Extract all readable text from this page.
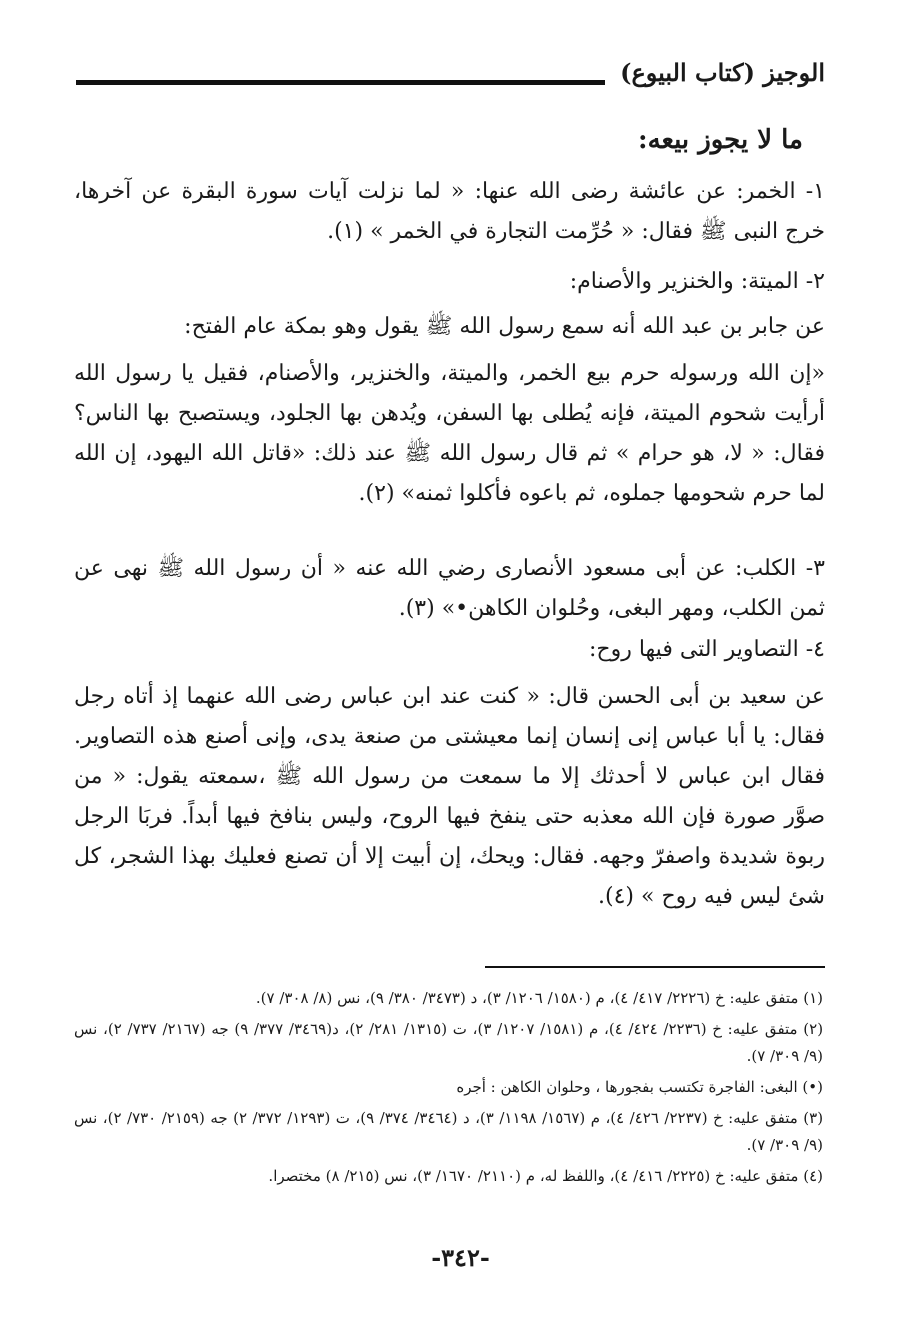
الوجيز (كتاب البيوع)
ما لا يجوز بيعه:
١- الخمر: عن عائشة رضى الله عنها: « لما نزلت آيات سورة البقرة عن آخرها، خرج النبى ﷺ فقال: « حُرِّمت التجارة في الخمر » (١).
٢- الميتة: والخنزير والأصنام:
عن جابر بن عبد الله أنه سمع رسول الله ﷺ يقول وهو بمكة عام الفتح:
«إن الله ورسوله حرم بيع الخمر، والميتة، والخنزير، والأصنام، فقيل يا رسول الله أرأيت شحوم الميتة، فإنه يُطلى بها السفن، ويُدهن بها الجلود، ويستصبح بها الناس؟ فقال: « لا، هو حرام » ثم قال رسول الله ﷺ عند ذلك: «قاتل الله اليهود، إن الله لما حرم شحومها جملوه، ثم باعوه فأكلوا ثمنه» (٢).
٣- الكلب: عن أبى مسعود الأنصارى رضي الله عنه « أن رسول الله ﷺ نهى عن ثمن الكلب، ومهر البغى، وحُلوان الكاهن•» (٣).
٤- التصاوير التى فيها روح:
عن سعيد بن أبى الحسن قال: « كنت عند ابن عباس رضى الله عنهما إذ أتاه رجل فقال: يا أبا عباس إنى إنسان إنما معيشتى من صنعة يدى، وإنى أصنع هذه التصاوير. فقال ابن عباس لا أحدثك إلا ما سمعت من رسول الله ﷺ ،سمعته يقول: « من صوَّر صورة فإن الله معذبه حتى ينفخ فيها الروح، وليس بنافخ فيها أبداً. فربَا الرجل ربوة شديدة واصفرّ وجهه. فقال: ويحك، إن أبيت إلا أن تصنع فعليك بهذا الشجر، كل شئ ليس فيه روح » (٤).
(١) متفق عليه: خ (٢٢٢٦/ ٤١٧/ ٤)، م (١٥٨٠/ ١٢٠٦/ ٣)، د (٣٤٧٣/ ٣٨٠/ ٩)، نس (٨/ ٣٠٨/ ٧).
(٢) متفق عليه: خ (٢٢٣٦/ ٤٢٤/ ٤)، م (١٥٨١/ ١٢٠٧/ ٣)، ت (١٣١٥/ ٢٨١/ ٢)، د(٣٤٦٩/ ٣٧٧/ ٩) جه (٢١٦٧/ ٧٣٧/ ٢)، نس (٩/ ٣٠٩/ ٧).
(•) البغى: الفاجرة تكتسب بفجورها ، وحلوان الكاهن : أجره
(٣) متفق عليه: خ (٢٢٣٧/ ٤٢٦/ ٤)، م (١٥٦٧/ ١١٩٨/ ٣)، د (٣٤٦٤/ ٣٧٤/ ٩)، ت (١٢٩٣/ ٣٧٢/ ٢) جه (٢١٥٩/ ٧٣٠/ ٢)، نس (٩/ ٣٠٩/ ٧).
(٤) متفق عليه: خ (٢٢٢٥/ ٤١٦/ ٤)، واللفظ له، م (٢١١٠/ ١٦٧٠/ ٣)، نس (٢١٥/ ٨) مختصرا.
-٣٤٢-
